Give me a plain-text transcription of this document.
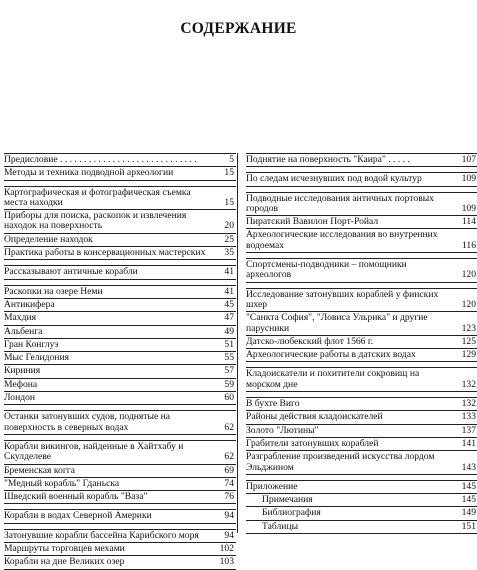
СОДЕРЖАНИЕ
Предисловие . . . . . . . . . . . . . . . . . . . . . . . . . . . . .	5
Методы и техника подводной археологии	15
Картографическая и фотографическая съемка места находки	15
Приборы для поиска, раскопок и извлечения находок на поверхность	20
Определение находок	25
Практика работы в консервационных мастерских	35
Рассказывают античные корабли	41
Раскопки на озере Неми	41
Антикифера	45
Махдия	47
Альбенга	49
Гран Конглуэ	51
Мыс Гелидония	55
Кириния	57
Мефона	59
Лондон	60
Останки затонувших судов, поднятые на поверхность в северных водах	62
Корабли викингов, найденные в Хайтхабу и Скулделеве	62
Бременская когга	69
"Медный корабль" Гданьска	74
Шведский военный корабль "Ваза"	76
Корабли в водах Северной Америки	94
Затонувшие корабли бассейна Карибского моря	94
Маршруты торговцев мехами	102
Корабли на дне Великих озер	103
Поднятие на поверхность "Каира" . . . . .	107
По следам исчезнувших под водой культур	109
Подводные исследования античных портовых городов	109
Пиратский Вавилон Порт-Ройал	114
Археологические исследования во внутренних водоемах	116
Спортсмены-подводники – помощники археологов	120
Исследование затонувших кораблей у финских шхер	120
"Санкта София", "Ловиса Ульрика" и другие парусники	123
Датско-любекский флот 1566 г.	125
Археологические работы в датских водах	129
Кладоискатели и похитители сокровищ на морском дне	132
В бухте Виго	132
Районы действия кладоискателей	133
Золото "Лютины"	137
Грабители затонувших кораблей	141
Разграбление произведений искусства лордом Эльджином	143
Приложение	145
Примечания	145
Библиография	149
Таблицы	151
